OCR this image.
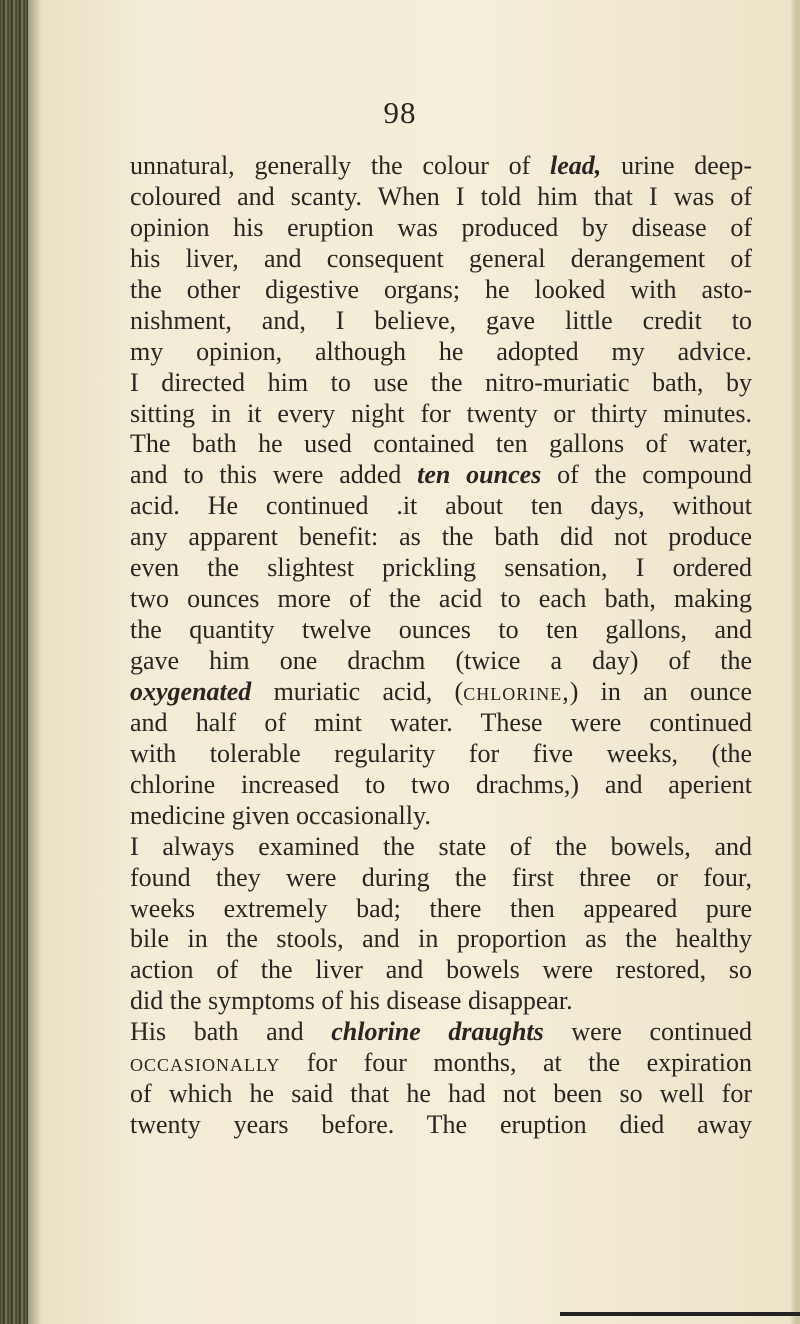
98
unnatural, generally the colour of lead, urine deep-
coloured and scanty. When I told him that I was of
opinion his eruption was produced by disease of
his liver, and consequent general derangement of
the other digestive organs; he looked with asto-
nishment, and, I believe, gave little credit to
my opinion, although he adopted my advice.
I directed him to use the nitro-muriatic bath, by
sitting in it every night for twenty or thirty minutes.
The bath he used contained ten gallons of water,
and to this were added ten ounces of the compound
acid. He continued .it about ten days, without
any apparent benefit: as the bath did not produce
even the slightest prickling sensation, I ordered
two ounces more of the acid to each bath, making
the quantity twelve ounces to ten gallons, and
gave him one drachm (twice a day) of the
oxygenated muriatic acid, (chlorine,) in an ounce
and half of mint water. These were continued
with tolerable regularity for five weeks, (the
chlorine increased to two drachms,) and aperient
medicine given occasionally.
I always examined the state of the bowels, and
found they were during the first three or four,
weeks extremely bad; there then appeared pure
bile in the stools, and in proportion as the healthy
action of the liver and bowels were restored, so
did the symptoms of his disease disappear.
His bath and chlorine draughts were continued
occasionally for four months, at the expiration
of which he said that he had not been so well for
twenty years before. The eruption died away
